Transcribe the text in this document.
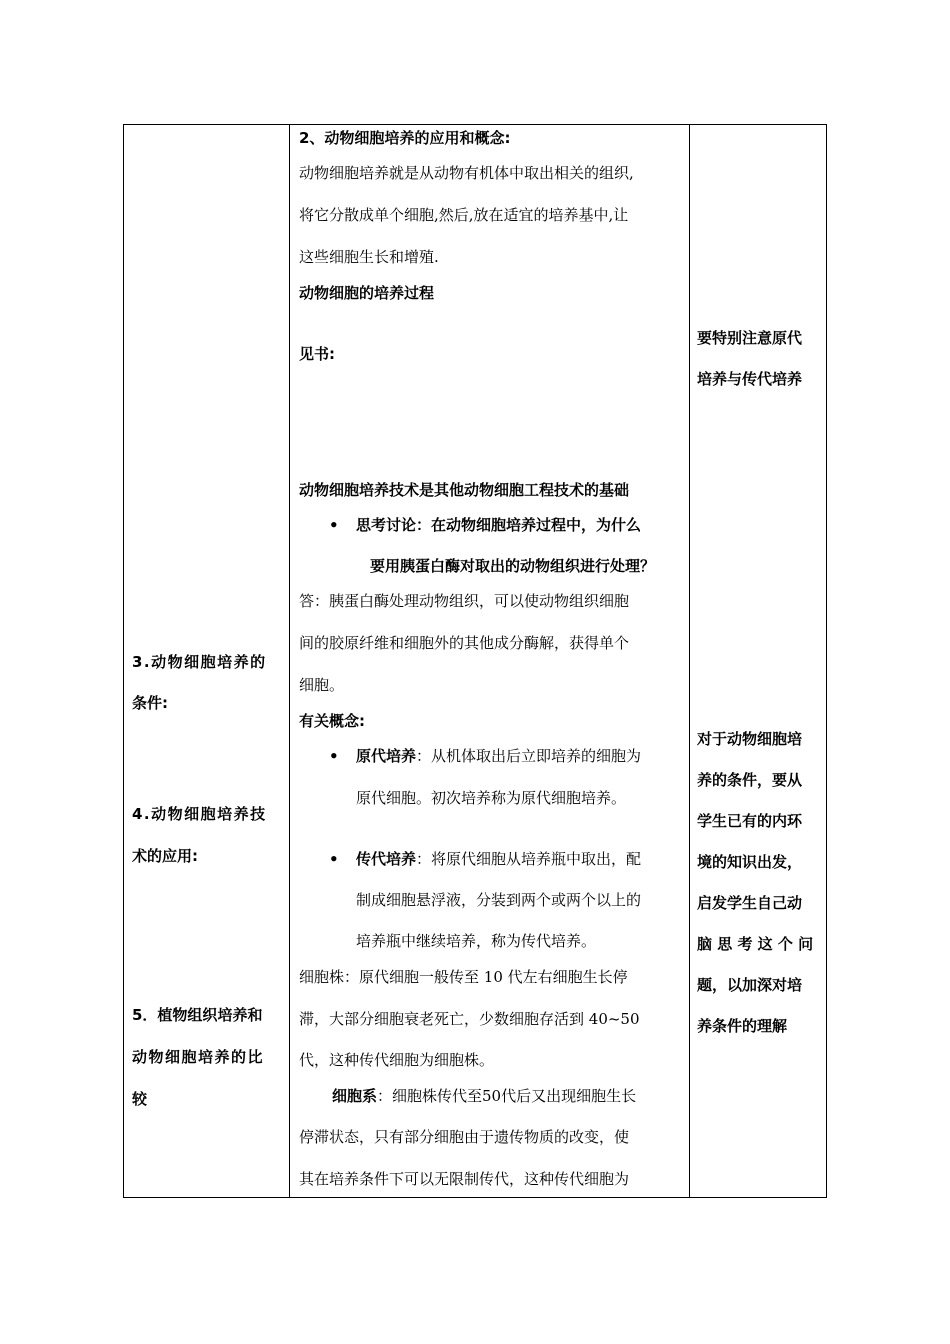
3.动物细胞培养的
条件:
4.动物细胞培养技
术的应用:
5．植物组织培养和
动物细胞培养的比
较
2、动物细胞培养的应用和概念:
动物细胞培养就是从动物有机体中取出相关的组织,
将它分散成单个细胞,然后,放在适宜的培养基中,让
这些细胞生长和增殖.
动物细胞的培养过程
见书:
动物细胞培养技术是其他动物细胞工程技术的基础
• 思考讨论：在动物细胞培养过程中，为什么
要用胰蛋白酶对取出的动物组织进行处理？
答：胰蛋白酶处理动物组织，可以使动物组织细胞
间的胶原纤维和细胞外的其他成分酶解，获得单个
细胞。
有关概念:
• 原代培养：从机体取出后立即培养的细胞为
原代细胞。初次培养称为原代细胞培养。
• 传代培养：将原代细胞从培养瓶中取出，配
制成细胞悬浮液，分装到两个或两个以上的
培养瓶中继续培养，称为传代培养。
细胞株：原代细胞一般传至 10 代左右细胞生长停
滞，大部分细胞衰老死亡，少数细胞存活到 40~50
代，这种传代细胞为细胞株。
细胞系：细胞株传代至50代后又出现细胞生长
停滞状态，只有部分细胞由于遗传物质的改变，使
其在培养条件下可以无限制传代，这种传代细胞为
要特别注意原代
培养与传代培养
对于动物细胞培
养的条件，要从
学生已有的内环
境的知识出发，
启发学生自己动
脑 思 考 这 个 问
题，以加深对培
养条件的理解
